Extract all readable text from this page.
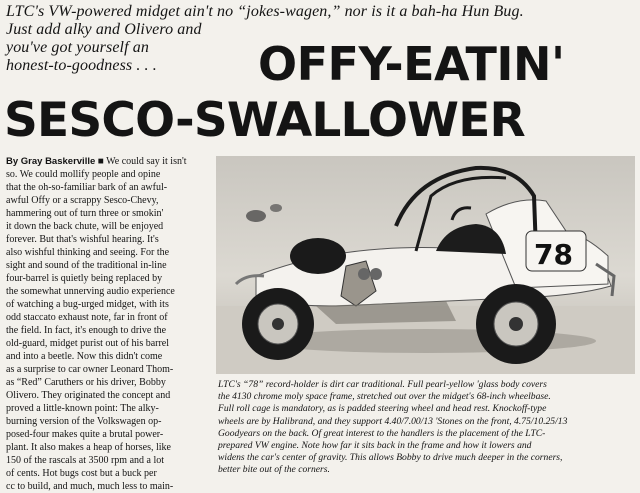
LTC's VW-powered midget ain't no “jokes-wagen,” nor is it a bah-ha Hun Bug.
Just add alky and Olivero and
you've got yourself an
honest-to-goodness . . .	OFFY-EATIN'
SESCO-SWALLOWER
By Gray Baskerville ■ We could say it isn't
so. We could mollify people and opine
that the oh-so-familiar bark of an awful-
awful Offy or a scrappy Sesco-Chevy,
hammering out of turn three or smokin'
it down the back chute, will be enjoyed
forever. But that's wishful hearing. It's
also wishful thinking and seeing. For the
sight and sound of the traditional in-line
four-barrel is quietly being replaced by
the somewhat unnerving audio experience
of watching a bug-urged midget, with its
odd staccato exhaust note, far in front of
the field. In fact, it's enough to drive the
old-guard, midget purist out of his barrel
and into a beetle. Now this didn't come
as a surprise to car owner Leonard Thom-
as “Red” Caruthers or his driver, Bobby
Olivero. They originated the concept and
proved a little-known point: The alky-
burning version of the Volkswagen op-
posed-four makes quite a brutal power-
plant. It also makes a heap of horses, like
150 of the rascals at 3500 rpm and a lot
of cents. Hot bugs cost but a buck per
cc to build, and much, much less to main-
78
LTC's “78” record-holder is dirt car traditional. Full pearl-yellow 'glass body covers
the 4130 chrome moly space frame, stretched out over the midget's 68-inch wheelbase.
Full roll cage is mandatory, as is padded steering wheel and head rest. Knockoff-type
wheels are by Halibrand, and they support 4.40/7.00/13 'Stones on the front, 4.75/10.25/13
Goodyears on the back. Of great interest to the handlers is the placement of the LTC-
prepared VW engine. Note how far it sits back in the frame and how it lowers and
widens the car's center of gravity. This allows Bobby to drive much deeper in the corners,
better bite out of the corners.
